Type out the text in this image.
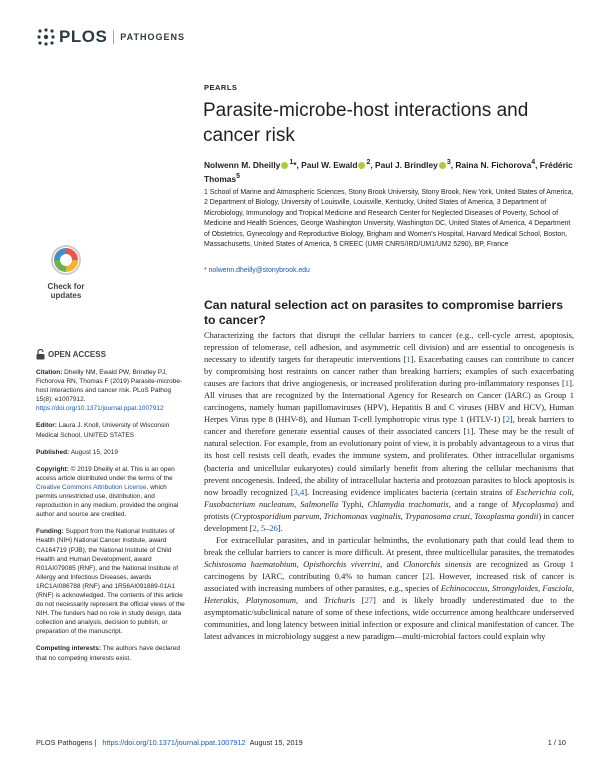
PLOS PATHOGENS
PEARLS
Parasite-microbe-host interactions and cancer risk
Nolwenn M. Dheilly $^1$*, Paul W. Ewald $^2$, Paul J. Brindley $^3$, Raina N. Fichorova$^4$, Frédéric Thomas$^5$
1 School of Marine and Atmospheric Sciences, Stony Brook University, Stony Brook, New York, United States of America, 2 Department of Biology, University of Louisville, Louisville, Kentucky, United States of America, 3 Department of Microbiology, Immunology and Tropical Medicine and Research Center for Neglected Diseases of Poverty, School of Medicine and Health Sciences, George Washington University, Washington DC, United States of America, 4 Department of Obstetrics, Gynecology and Reproductive Biology, Brigham and Women's Hospital, Harvard Medical School, Boston, Massachusetts, United States of America, 5 CREEC (UMR CNRS/IRD/UM1/UM2 5290), BP, France
* nolwenn.dheilly@stonybrook.edu
Check for
updates
OPEN ACCESS

Citation: Dheilly NM, Ewald PW, Brindley PJ, Fichorova RN, Thomas F (2019) Parasite-microbe-host interactions and cancer risk. PLoS Pathog 15(8): e1007912. https://doi.org/10.1371/journal.ppat.1007912

Editor: Laura J. Knoll, University of Wisconsin Medical School, UNITED STATES

Published: August 15, 2019

Copyright: © 2019 Dheilly et al. This is an open access article distributed under the terms of the Creative Commons Attribution License, which permits unrestricted use, distribution, and reproduction in any medium, provided the original author and source are credited.

Funding: Support from the National Institutes of Health (NIH) National Cancer Institute, award CA164719 (PJB), the National Institute of Child Health and Human Development, award R01AI079085 (RNF), and the National Institute of Allergy and Infectious Diseases, awards 1RC1AI086788 (RNF) and 1R56AI091889-01A1 (RNF) is acknowledged. The contents of this article do not necessarily represent the official views of the NIH. The funders had no role in study design, data collection and analysis, decision to publish, or preparation of the manuscript.

Competing interests: The authors have declared that no competing interests exist.

Can natural selection act on parasites to compromise barriers to cancer?

Characterizing the factors that disrupt the cellular barriers to cancer (e.g., cell-cycle arrest, apoptosis, repression of telomerase, cell adhesion, and asymmetric cell division) and are essential to oncogenesis is necessary to identify targets for therapeutic interventions [1]. Exacerbating causes can contribute to cancer by compromising host restraints on cancer rather than breaking barriers; examples of such exacerbating causes are factors that drive angiogenesis, or increased proliferation during pro-inflammatory responses [1]. All viruses that are recognized by the International Agency for Research on Cancer (IARC) as Group 1 carcinogens, namely human papillomaviruses (HPV), Hepatitis B and C viruses (HBV and HCV), Human Herpes Virus type 8 (HHV-8), and Human T-cell lymphotropic virus type 1 (HTLV-1) [2], break barriers to cancer and therefore generate essential causes of their associated cancers [1]. These may be the result of natural selection. For example, from an evolutionary point of view, it is probably advantageous to a virus that its host cell resists cell death, evades the immune system, and proliferates. Other intracellular organisms (bacteria and unicellular eukaryotes) could similarly benefit from altering the cellular mechanisms that prevent oncogenesis. Indeed, the ability of intracellular bacteria and protozoan parasites to block apoptosis is now broadly recognized [3,4]. Increasing evidence implicates bacteria (certain strains of Escherichia coli, Fusobacterium nucleatum, Salmonella Typhi, Chlamydia trachomatis, and a range of Mycoplasma) and protists (Cryptosporidium parvum, Trichomonas vaginalis, Trypanosoma cruzi, Toxoplasma gondii) in cancer development [2, 5–26].

For extracellular parasites, and in particular helminths, the evolutionary path that could lead them to break the cellular barriers to cancer is more difficult. At present, three multicellular parasites, the trematodes Schistosoma haematobium, Opisthorchis viverrini, and Clonorchis sinensis are recognized as Group 1 carcinogens by IARC, contributing 0.4% to human cancer [2]. However, increased risk of cancer is associated with increasing numbers of other parasites, e.g., species of Echinococcus, Strongyloides, Fasciola, Heterakis, Platynosomum, and Trichuris [27] and is likely broadly underestimated due to the asymptomatic/subclinical nature of some of these infections, wide occurrence among healthcare underserved communities, and long latency between initial infection or exposure and clinical manifestation of cancer. The latest advances in microbiology suggest a new paradigm—multi-microbial factors could explain why

PLOS Pathogens | https://doi.org/10.1371/journal.ppat.1007912 August 15, 2019	1 / 10
